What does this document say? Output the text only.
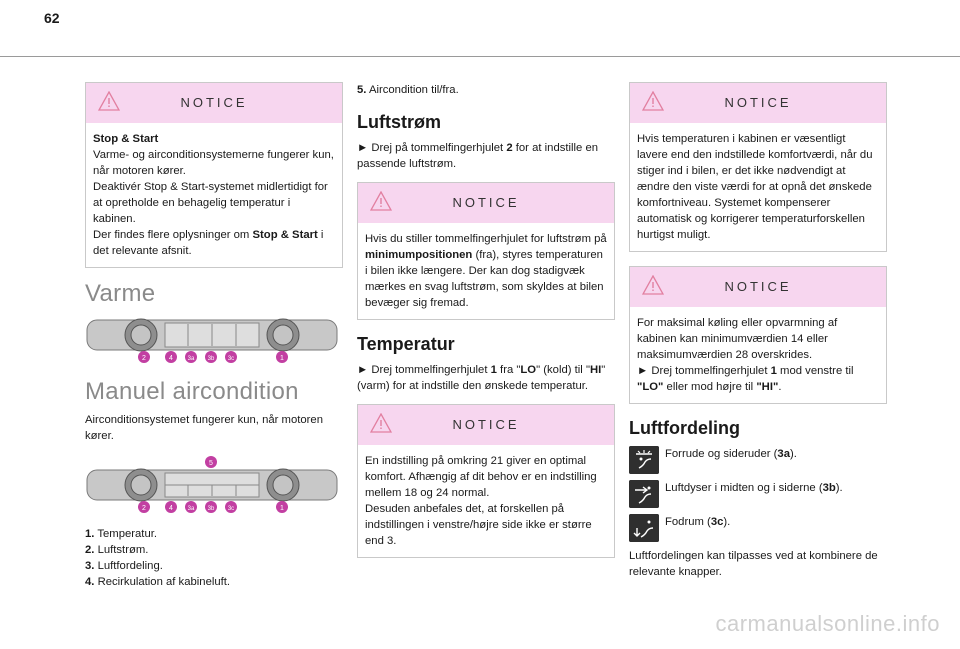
62
NOTICE

Stop & Start

Varme- og airconditionsystemerne fungerer kun, når motoren kører.

Deaktivér Stop & Start-systemet midlertidigt for at opretholde en behagelig temperatur i kabinen.

Der findes flere oplysninger om Stop & Start i det relevante afsnit.

Varme
2	4 3a 3b 3c	1
Manuel aircondition

Airconditionsystemet fungerer kun, når motoren kører.

5
2	4 3a 3b 3c	1
1. Temperatur.
2. Luftstrøm.
3. Luftfordeling.
4. Recirkulation af kabineluft.

5. Aircondition til/fra.

Luftstrøm

► Drej på tommelfingerhjulet 2 for at indstille en passende luftstrøm.

NOTICE

Hvis du stiller tommelfingerhjulet for luftstrøm på minimumpositionen (fra), styres temperaturen i bilen ikke længere. Der kan dog stadigvæk mærkes en svag luftstrøm, som skyldes at bilen bevæger sig fremad.

Temperatur

► Drej tommelfingerhjulet 1 fra "LO" (kold) til "HI" (varm) for at indstille den ønskede temperatur.

NOTICE

En indstilling på omkring 21 giver en optimal komfort. Afhængig af dit behov er en indstilling mellem 18 og 24 normal.

Desuden anbefales det, at forskellen på indstillingen i venstre/højre side ikke er større end 3.

NOTICE

Hvis temperaturen i kabinen er væsentligt lavere end den indstillede komfortværdi, når du stiger ind i bilen, er det ikke nødvendigt at ændre den viste værdi for at opnå det ønskede komfortniveau. Systemet kompenserer automatisk og korrigerer temperaturforskellen hurtigst muligt.

NOTICE

For maksimal køling eller opvarmning af kabinen kan minimumværdien 14 eller maksimumværdien 28 overskrides.

► Drej tommelfingerhjulet 1 mod venstre til "LO" eller mod højre til "HI".

Luftfordeling
Forrude og sideruder (3a).
Luftdyser i midten og i siderne (3b).
Fodrum (3c).

Luftfordelingen kan tilpasses ved at kombinere de relevante knapper.

carmanualsonline.info
